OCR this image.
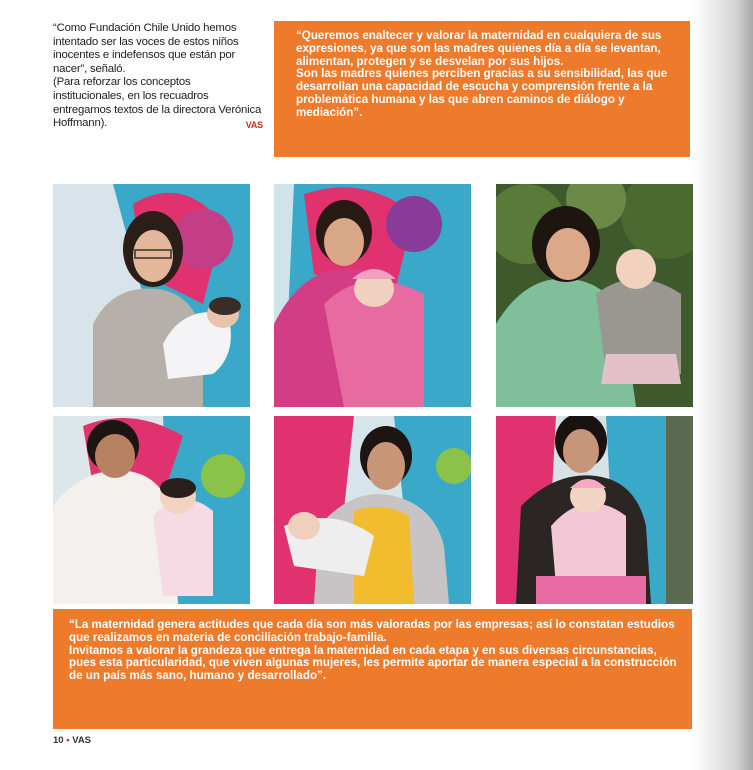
“Como Fundación Chile Unido hemos intentado ser las voces de estos niños inocentes e indefensos que están por nacer”, señaló.

(Para reforzar los conceptos institucionales, en los recuadros entregamos textos de la directora Verónica Hoffmann).	VAS

“Queremos enaltecer y valorar la maternidad en cualquiera de sus expresiones, ya que son las madres quienes día a día se levantan, alimentan, protegen y se desvelan por sus hijos.

Son las madres quienes perciben gracias a su sensibilidad, las que desarrollan una capacidad de escucha y comprensión frente a la problemática humana y las que abren caminos de diálogo y mediación”.

“La maternidad genera actitudes que cada día son más valoradas por las empresas; así lo constatan estudios que realizamos en materia de conciliación trabajo-familia.

Invitamos a valorar la grandeza que entrega la maternidad en cada etapa y en sus diversas circunstancias, pues esta particularidad, que viven algunas mujeres, les permite aportar de manera especial a la construcción de un país más sano, humano y desarrollado”.

10 • VAS
